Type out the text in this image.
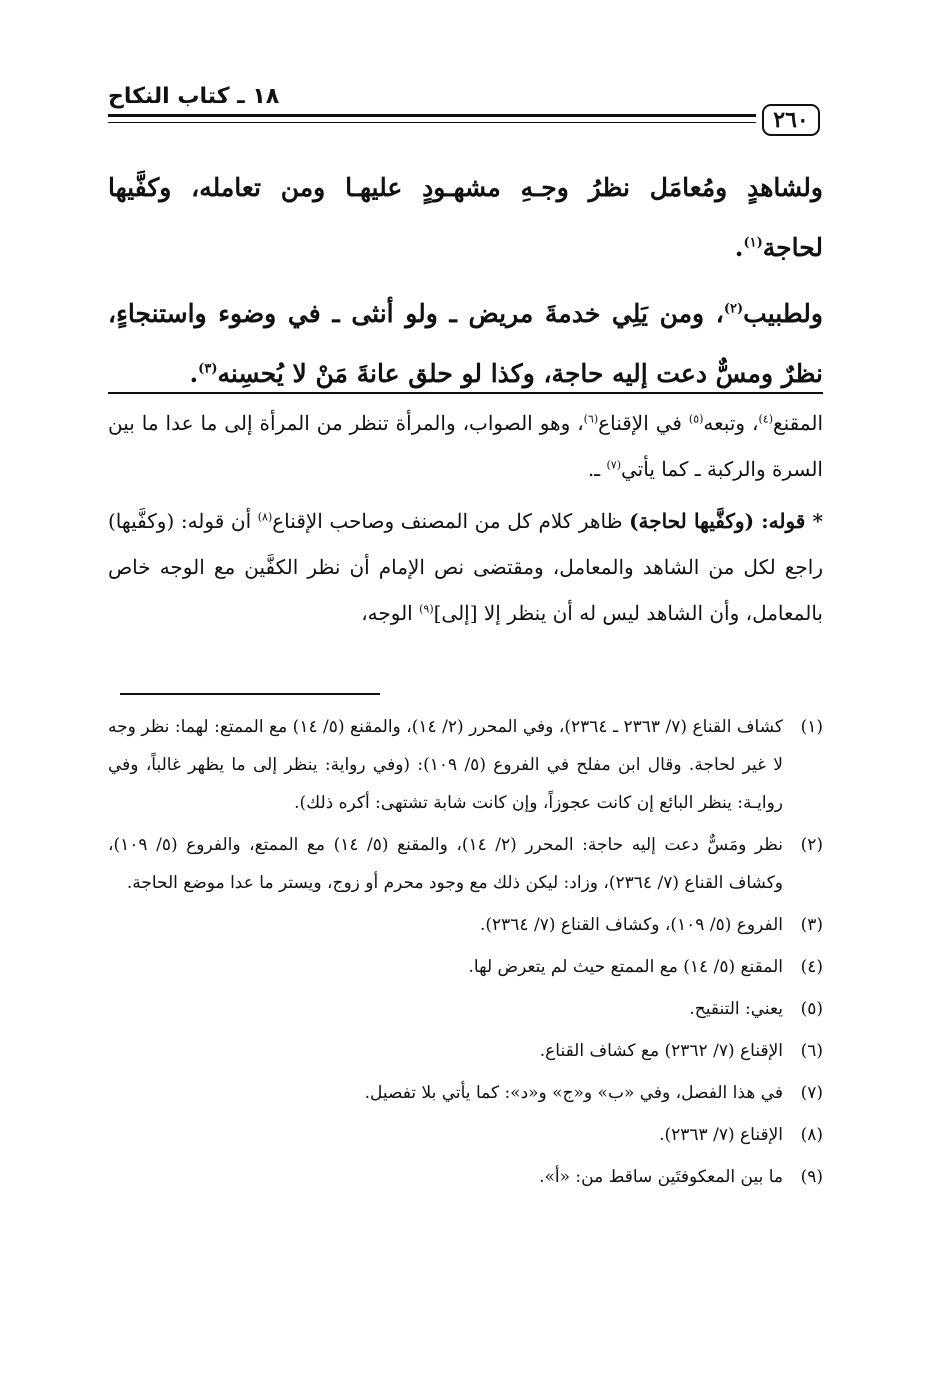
٢٦٠
١٨ ـ كتاب النكاح

ولشاهدٍ ومُعامَل نظرُ وجـهِ مشهـودٍ عليهـا ومن تعامله، وكفَّيها لحاجة$^{(١)}$.

ولطبيب$^{(٢)}$، ومن يَلِي خدمةَ مريض ـ ولو أنثى ـ في وضوء واستنجاءٍ، نظرٌ ومسٌّ دعت إليه حاجة، وكذا لو حلق عانةَ مَنْ لا يُحسِنه$^{(٣)}$.

المقنع$^{(٤)}$، وتبعه$^{(٥)}$ في الإقناع$^{(٦)}$، وهو الصواب، والمرأة تنظر من المرأة إلى ما عدا ما بين السرة والركبة ـ كما يأتي$^{(٧)}$ ـ.

* قوله: (وكفَّيها لحاجة) ظاهر كلام كل من المصنف وصاحب الإقناع$^{(٨)}$ أن قوله: (وكفَّيها) راجع لكل من الشاهد والمعامل، ومقتضى نص الإمام أن نظر الكفَّين مع الوجه خاص بالمعامل، وأن الشاهد ليس له أن ينظر إلا [إلى]$^{(٩)}$ الوجه،

(١)
كشاف القناع (٧/ ٢٣٦٣ ـ ٢٣٦٤)، وفي المحرر (٢/ ١٤)، والمقنع (٥/ ١٤) مع الممتع: لهما: نظر وجه لا غير لحاجة. وقال ابن مفلح في الفروع (٥/ ١٠٩): (وفي رواية: ينظر إلى ما يظهر غالباً، وفي روايـة: ينظر البائع إن كانت عجوزاً، وإن كانت شابة تشتهى: أكره ذلك).
(٢)
نظر ومَسٌّ دعت إليه حاجة: المحرر (٢/ ١٤)، والمقنع (٥/ ١٤) مع الممتع، والفروع (٥/ ١٠٩)، وكشاف القناع (٧/ ٢٣٦٤)، وزاد: ليكن ذلك مع وجود محرم أو زوج، ويستر ما عدا موضع الحاجة.
(٣)
الفروع (٥/ ١٠٩)، وكشاف القناع (٧/ ٢٣٦٤).
(٤)
المقنع (٥/ ١٤) مع الممتع حيث لم يتعرض لها.
(٥)
يعني: التنقيح.
(٦)
الإقناع (٧/ ٢٣٦٢) مع كشاف القناع.
(٧)
في هذا الفصل، وفي «ب» و«ج» و«د»: كما يأتي بلا تفصيل.
(٨)
الإقناع (٧/ ٢٣٦٣).
(٩)
ما بين المعكوفتَين ساقط من: «أ».
